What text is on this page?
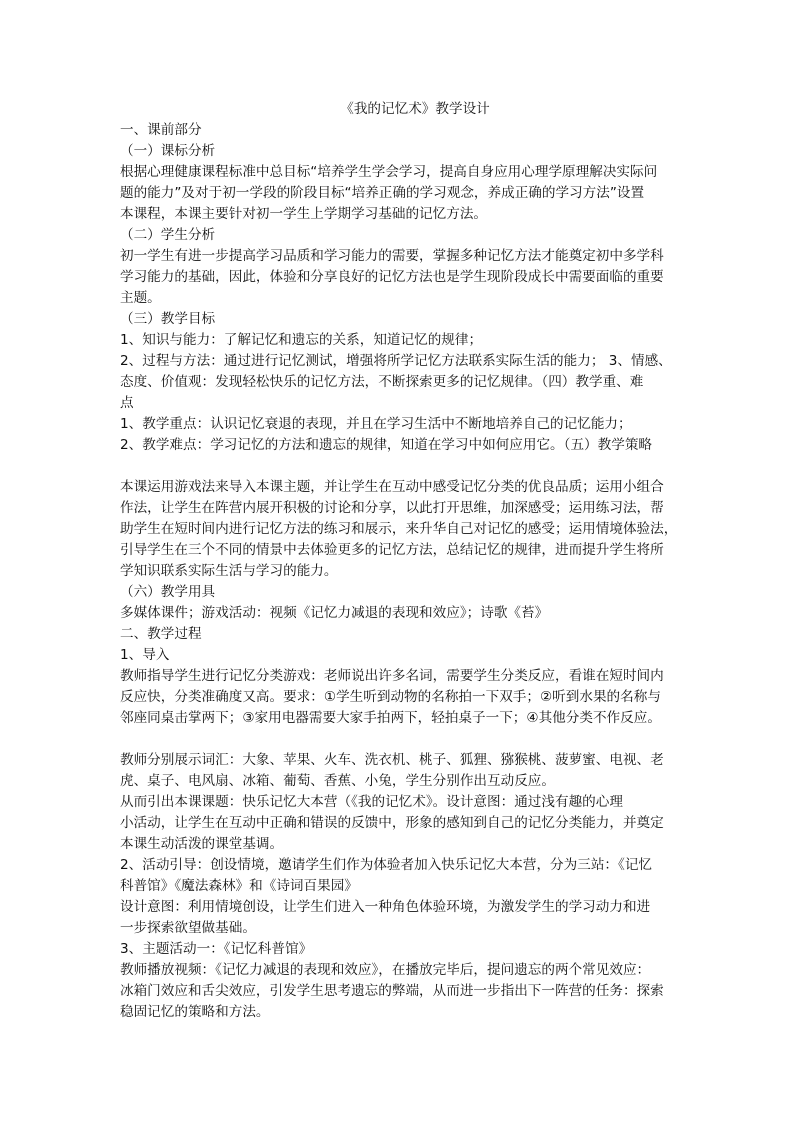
《我的记忆术》教学设计
一、课前部分
（一）课标分析
根据心理健康课程标准中总目标“培养学生学会学习，提高自身应用心理学原理解决实际问
题的能力”及对于初一学段的阶段目标“培养正确的学习观念，养成正确的学习方法”设置
本课程，本课主要针对初一学生上学期学习基础的记忆方法。
（二）学生分析
初一学生有进一步提高学习品质和学习能力的需要，掌握多种记忆方法才能奠定初中多学科
学习能力的基础，因此，体验和分享良好的记忆方法也是学生现阶段成长中需要面临的重要
主题。
（三）教学目标
1、知识与能力：了解记忆和遗忘的关系，知道记忆的规律；
2、过程与方法：通过进行记忆测试，增强将所学记忆方法联系实际生活的能力； 3、情感、
态度、价值观：发现轻松快乐的记忆方法，不断探索更多的记忆规律。（四）教学重、难
点
1、教学重点：认识记忆衰退的表现，并且在学习生活中不断地培养自己的记忆能力；
2、教学难点：学习记忆的方法和遗忘的规律，知道在学习中如何应用它。（五）教学策略
本课运用游戏法来导入本课主题，并让学生在互动中感受记忆分类的优良品质；运用小组合
作法，让学生在阵营内展开积极的讨论和分享，以此打开思维，加深感受；运用练习法，帮
助学生在短时间内进行记忆方法的练习和展示，来升华自己对记忆的感受；运用情境体验法，
引导学生在三个不同的情景中去体验更多的记忆方法，总结记忆的规律，进而提升学生将所
学知识联系实际生活与学习的能力。
（六）教学用具
多媒体课件；游戏活动：视频《记忆力减退的表现和效应》；诗歌《苔》
二、教学过程
1、导入
教师指导学生进行记忆分类游戏：老师说出许多名词，需要学生分类反应，看谁在短时间内
反应快，分类准确度又高。要求：①学生听到动物的名称拍一下双手；②听到水果的名称与
邻座同桌击掌两下；③家用电器需要大家手拍两下，轻拍桌子一下；④其他分类不作反应。
教师分别展示词汇：大象、苹果、火车、洗衣机、桃子、狐狸、猕猴桃、菠萝蜜、电视、老
虎、桌子、电风扇、冰箱、葡萄、香蕉、小兔，学生分别作出互动反应。
从而引出本课课题：快乐记忆大本营（《我的记忆术》。设计意图：通过浅有趣的心理
小活动，让学生在互动中正确和错误的反馈中，形象的感知到自己的记忆分类能力，并奠定
本课生动活泼的课堂基调。
2、活动引导：创设情境，邀请学生们作为体验者加入快乐记忆大本营，分为三站：《记忆
科普馆》《魔法森林》和《诗词百果园》
设计意图：利用情境创设，让学生们进入一种角色体验环境，为激发学生的学习动力和进
一步探索欲望做基础。
3、主题活动一：《记忆科普馆》
教师播放视频：《记忆力减退的表现和效应》，在播放完毕后，提问遗忘的两个常见效应：
冰箱门效应和舌尖效应，引发学生思考遗忘的弊端，从而进一步指出下一阵营的任务：探索
稳固记忆的策略和方法。
